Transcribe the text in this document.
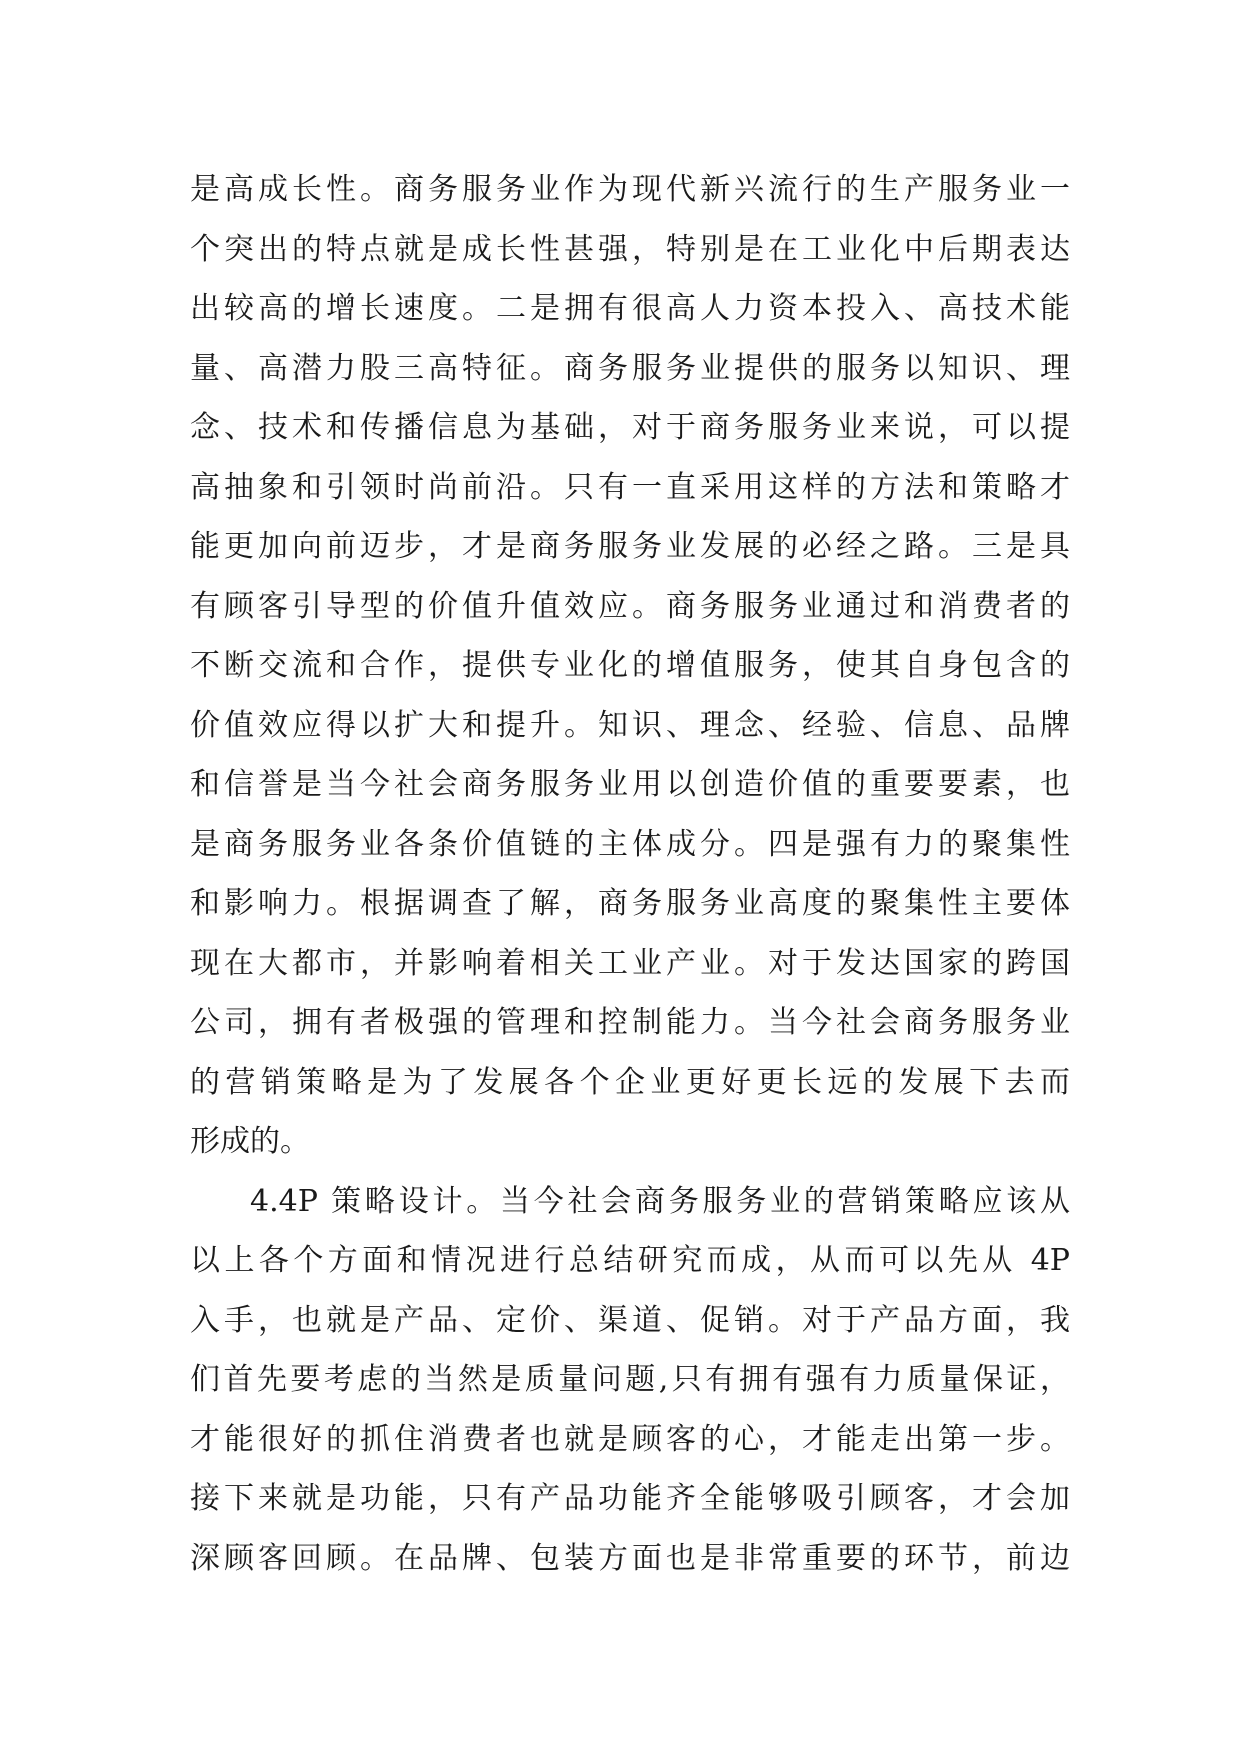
是高成长性。商务服务业作为现代新兴流行的生产服务业一
个突出的特点就是成长性甚强，特别是在工业化中后期表达
出较高的增长速度。二是拥有很高人力资本投入、高技术能
量、高潜力股三高特征。商务服务业提供的服务以知识、理
念、技术和传播信息为基础，对于商务服务业来说，可以提
高抽象和引领时尚前沿。只有一直采用这样的方法和策略才
能更加向前迈步，才是商务服务业发展的必经之路。三是具
有顾客引导型的价值升值效应。商务服务业通过和消费者的
不断交流和合作，提供专业化的增值服务，使其自身包含的
价值效应得以扩大和提升。知识、理念、经验、信息、品牌
和信誉是当今社会商务服务业用以创造价值的重要要素，也
是商务服务业各条价值链的主体成分。四是强有力的聚集性
和影响力。根据调查了解，商务服务业高度的聚集性主要体
现在大都市，并影响着相关工业产业。对于发达国家的跨国
公司，拥有者极强的管理和控制能力。当今社会商务服务业
的营销策略是为了发展各个企业更好更长远的发展下去而
形成的。
4.4P 策略设计。当今社会商务服务业的营销策略应该从
以上各个方面和情况进行总结研究而成，从而可以先从 4P
入手，也就是产品、定价、渠道、促销。对于产品方面，我
们首先要考虑的当然是质量问题,只有拥有强有力质量保证，
才能很好的抓住消费者也就是顾客的心，才能走出第一步。
接下来就是功能，只有产品功能齐全能够吸引顾客，才会加
深顾客回顾。在品牌、包装方面也是非常重要的环节，前边
